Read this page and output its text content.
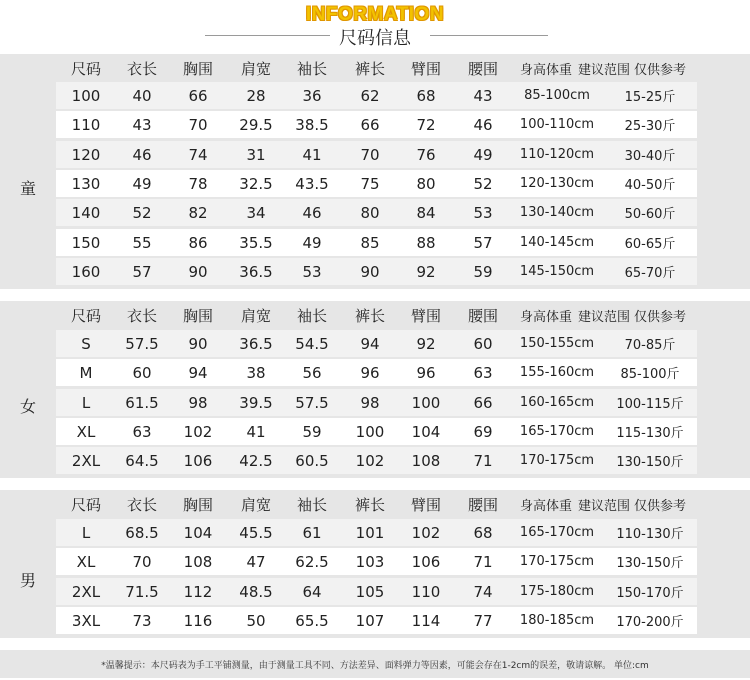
INFORMATION
尺码信息
尺码	衣长	胸围	肩宽	袖长	裤长	臂围	腰围	身高体重 建议范围 仅供参考
童
100	40	66	28	36	62	68	43	85-100cm	15-25斤
110	43	70	29.5	38.5	66	72	46	100-110cm	25-30斤
120	46	74	31	41	70	76	49	110-120cm	30-40斤
130	49	78	32.5	43.5	75	80	52	120-130cm	40-50斤
140	52	82	34	46	80	84	53	130-140cm	50-60斤
150	55	86	35.5	49	85	88	57	140-145cm	60-65斤
160	57	90	36.5	53	90	92	59	145-150cm	65-70斤
尺码	衣长	胸围	肩宽	袖长	裤长	臂围	腰围	身高体重 建议范围 仅供参考
女
S	57.5	90	36.5	54.5	94	92	60	150-155cm	70-85斤
M	60	94	38	56	96	96	63	155-160cm	85-100斤
L	61.5	98	39.5	57.5	98	100	66	160-165cm	100-115斤
XL	63	102	41	59	100	104	69	165-170cm	115-130斤
2XL	64.5	106	42.5	60.5	102	108	71	170-175cm	130-150斤
尺码	衣长	胸围	肩宽	袖长	裤长	臂围	腰围	身高体重 建议范围 仅供参考
男
L	68.5	104	45.5	61	101	102	68	165-170cm	110-130斤
XL	70	108	47	62.5	103	106	71	170-175cm	130-150斤
2XL	71.5	112	48.5	64	105	110	74	175-180cm	150-170斤
3XL	73	116	50	65.5	107	114	77	180-185cm	170-200斤
*温馨提示：本尺码表为手工平铺测量，由于测量工具不同、方法差异、面料弹力等因素，可能会存在1-2cm的误差，敬请谅解。 单位:cm
